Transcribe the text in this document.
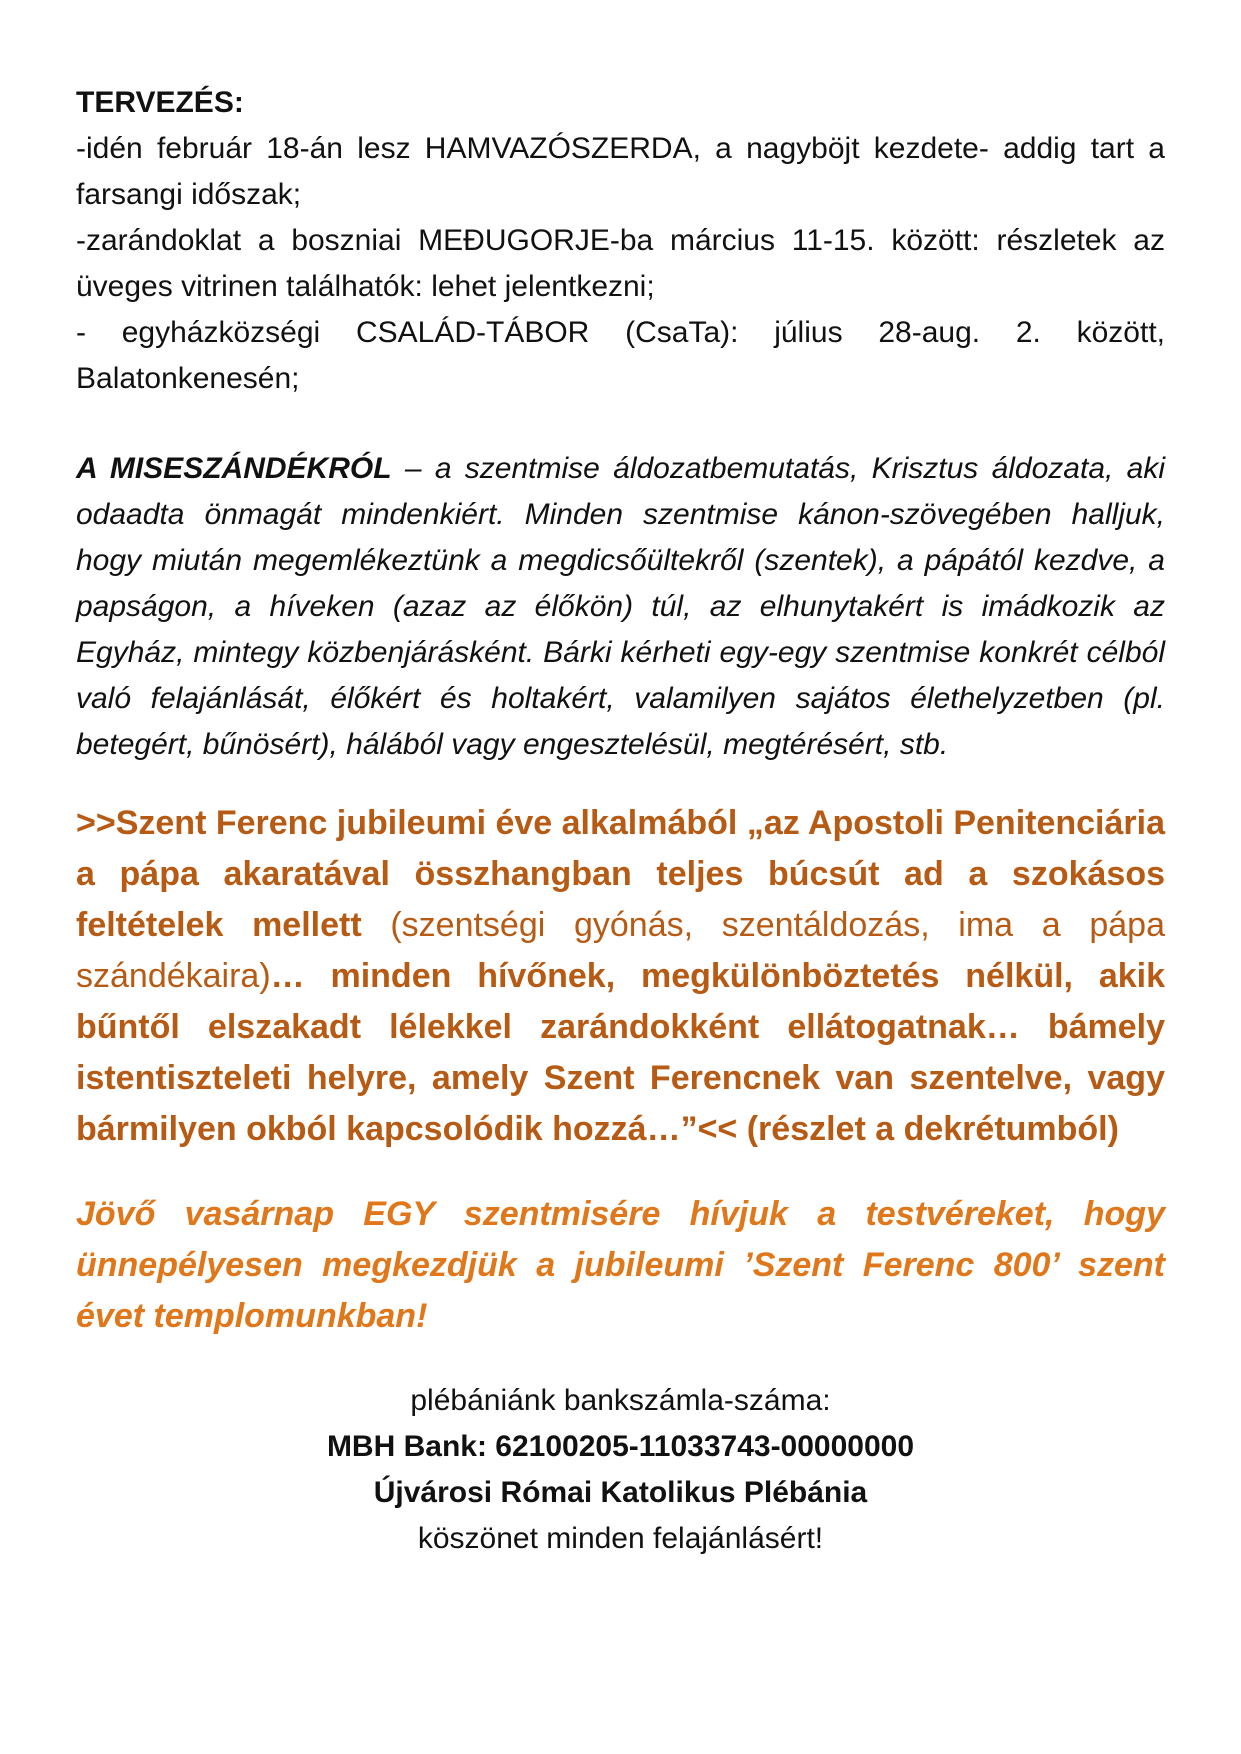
TERVEZÉS:

-idén február 18-án lesz HAMVAZÓSZERDA, a nagyböjt kezdete- addig tart a farsangi időszak;

-zarándoklat a boszniai MEĐUGORJE-ba március 11-15. között: részletek az üveges vitrinen találhatók: lehet jelentkezni;

- egyházközségi CSALÁD-TÁBOR (CsaTa): július 28-aug. 2. között, Balatonkenesén;

A MISESZÁNDÉKRÓL – a szentmise áldozatbemutatás, Krisztus áldozata, aki odaadta önmagát mindenkiért. Minden szentmise kánon-szövegében halljuk, hogy miután megemlékeztünk a megdicsőültekről (szentek), a pápától kezdve, a papságon, a híveken (azaz az élőkön) túl, az elhunytakért is imádkozik az Egyház, mintegy közbenjárásként. Bárki kérheti egy-egy szentmise konkrét célból való felajánlását, élőkért és holtakért, valamilyen sajátos élethelyzetben (pl. betegért, bűnösért), hálából vagy engesztelésül, megtérésért, stb.

>>Szent Ferenc jubileumi éve alkalmából „az Apostoli Penitenciária a pápa akaratával összhangban teljes búcsút ad a szokásos feltételek mellett (szentségi gyónás, szentáldozás, ima a pápa szándékaira)… minden hívőnek, megkülönböztetés nélkül, akik bűntől elszakadt lélekkel zarándokként ellátogatnak… bámely istentiszteleti helyre, amely Szent Ferencnek van szentelve, vagy bármilyen okból kapcsolódik hozzá…”<< (részlet a dekrétumból)

Jövő vasárnap EGY szentmisére hívjuk a testvéreket, hogy ünnepélyesen megkezdjük a jubileumi ’Szent Ferenc 800’ szent évet templomunkban!

plébániánk bankszámla-száma:
MBH Bank: 62100205-11033743-00000000
Újvárosi Római Katolikus Plébánia
köszönet minden felajánlásért!
